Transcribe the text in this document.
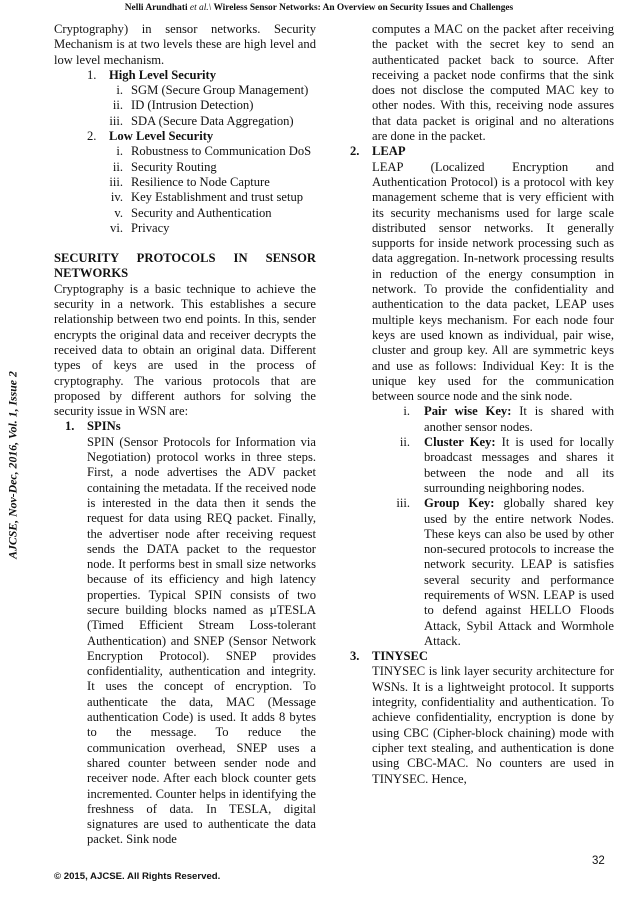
Nelli Arundhati et al.\ Wireless Sensor Networks: An Overview on Security Issues and Challenges
AJCSE, Nov-Dec, 2016, Vol. 1, Issue 2

Cryptography) in sensor networks. Security Mechanism is at two levels these are high level and low level mechanism.

1. High Level Security
i. SGM (Secure Group Management)
ii. ID (Intrusion Detection)
iii. SDA (Secure Data Aggregation)
2. Low Level Security
i. Robustness to Communication DoS
ii. Security Routing
iii. Resilience to Node Capture
iv. Key Establishment and trust setup
v. Security and Authentication
vi. Privacy

SECURITY PROTOCOLS IN SENSOR NETWORKS

Cryptography is a basic technique to achieve the security in a network. This establishes a secure relationship between two end points. In this, sender encrypts the original data and receiver decrypts the received data to obtain an original data. Different types of keys are used in the process of cryptography. The various protocols that are proposed by different authors for solving the security issue in WSN are:

1. SPINs

SPIN (Sensor Protocols for Information via Negotiation) protocol works in three steps. First, a node advertises the ADV packet containing the metadata. If the received node is interested in the data then it sends the request for data using REQ packet. Finally, the advertiser node after receiving request sends the DATA packet to the requestor node. It performs best in small size networks because of its efficiency and high latency properties. Typical SPIN consists of two secure building blocks named as µTESLA (Timed Efficient Stream Loss-tolerant Authentication) and SNEP (Sensor Network Encryption Protocol). SNEP provides confidentiality, authentication and integrity. It uses the concept of encryption. To authenticate the data, MAC (Message authentication Code) is used. It adds 8 bytes to the message. To reduce the communication overhead, SNEP uses a shared counter between sender node and receiver node. After each block counter gets incremented. Counter helps in identifying the freshness of data. In TESLA, digital signatures are used to authenticate the data packet. Sink node

computes a MAC on the packet after receiving the packet with the secret key to send an authenticated packet back to source. After receiving a packet node confirms that the sink does not disclose the computed MAC key to other nodes. With this, receiving node assures that data packet is original and no alterations are done in the packet.

2. LEAP

LEAP (Localized Encryption and Authentication Protocol) is a protocol with key management scheme that is very efficient with its security mechanisms used for large scale distributed sensor networks. It generally supports for inside network processing such as data aggregation. In-network processing results in reduction of the energy consumption in network. To provide the confidentiality and authentication to the data packet, LEAP uses multiple keys mechanism. For each node four keys are used known as individual, pair wise, cluster and group key. All are symmetric keys and use as follows: Individual Key: It is the unique key used for the communication between source node and the sink node.

i.	Pair wise Key: It is shared with another sensor nodes.
ii.	Cluster Key: It is used for locally broadcast messages and shares it between the node and all its surrounding neighboring nodes.
iii.	Group Key: globally shared key used by the entire network Nodes. These keys can also be used by other non-secured protocols to increase the network security. LEAP is satisfies several security and performance requirements of WSN. LEAP is used to defend against HELLO Floods Attack, Sybil Attack and Wormhole Attack.
3. TINYSEC

TINYSEC is link layer security architecture for WSNs. It is a lightweight protocol. It supports integrity, confidentiality and authentication. To achieve confidentiality, encryption is done by using CBC (Cipher-block chaining) mode with cipher text stealing, and authentication is done using CBC-MAC. No counters are used in TINYSEC. Hence,

32
© 2015, AJCSE. All Rights Reserved.
